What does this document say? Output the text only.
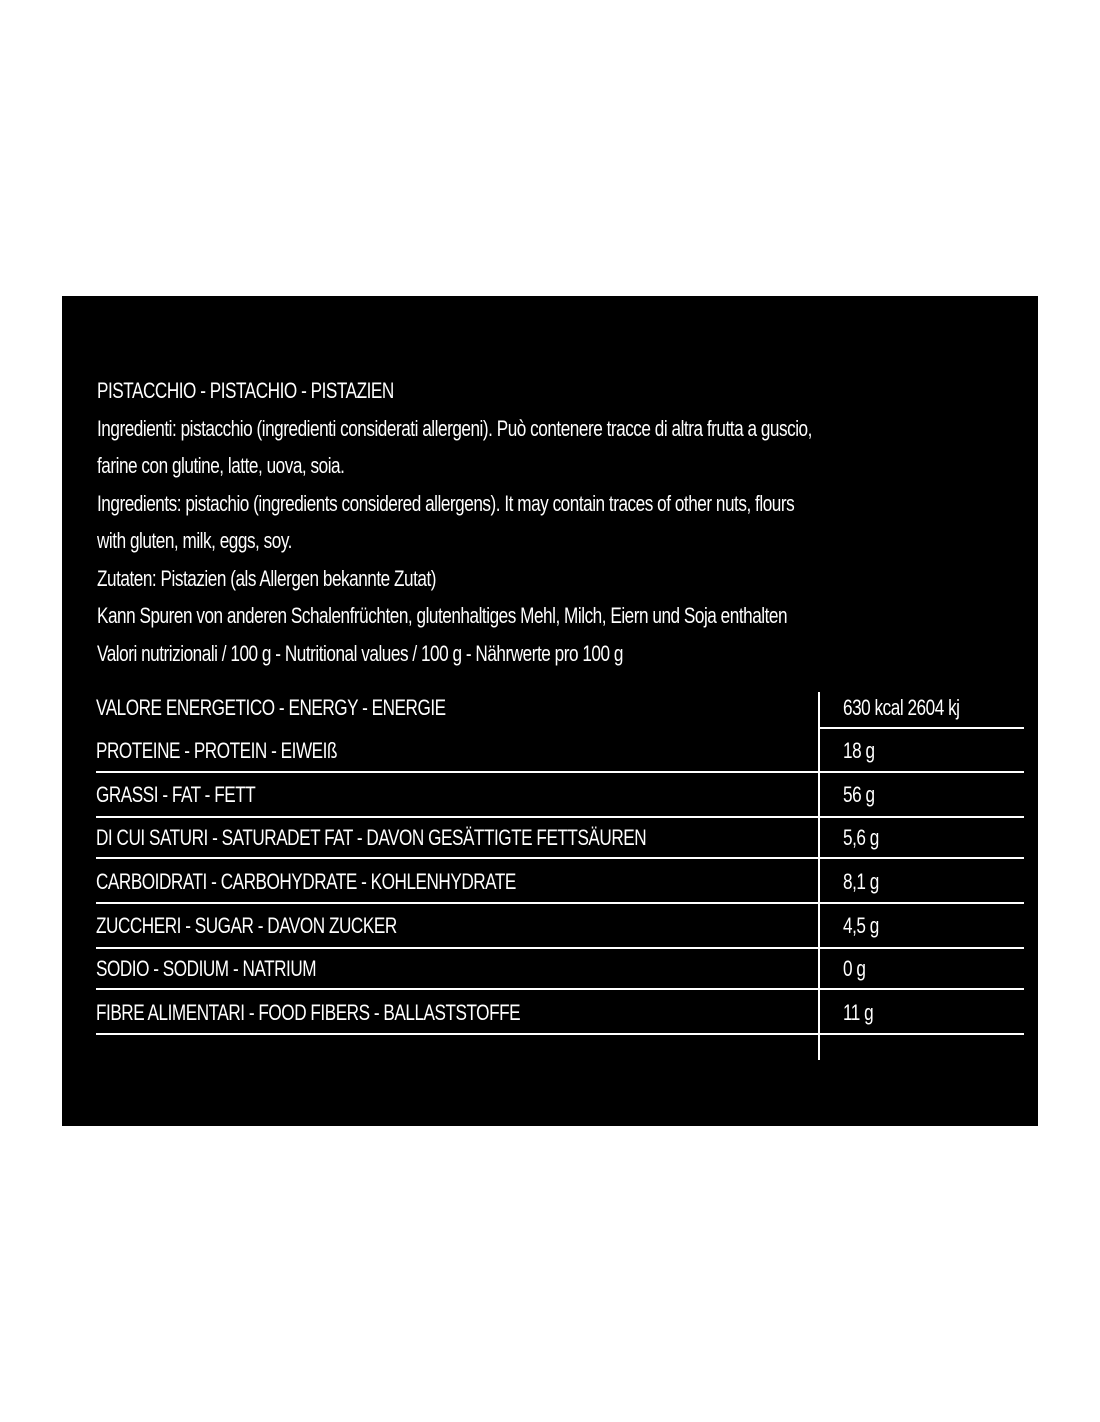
PISTACCHIO - PISTACHIO - PISTAZIEN
Ingredienti: pistacchio (ingredienti considerati allergeni). Può contenere tracce di altra frutta a guscio,
farine con glutine, latte, uova, soia.
Ingredients: pistachio (ingredients considered allergens). It may contain traces of other nuts, flours
with gluten, milk, eggs, soy.
Zutaten: Pistazien (als Allergen bekannte Zutat)
Kann Spuren von anderen Schalenfrüchten, glutenhaltiges Mehl, Milch, Eiern und Soja enthalten
Valori nutrizionali / 100 g - Nutritional values / 100 g - Nährwerte pro 100 g
VALORE ENERGETICO - ENERGY - ENERGIE	630 kcal 2604 kj
PROTEINE - PROTEIN - EIWEIß	18 g
GRASSI - FAT - FETT	56 g
DI CUI SATURI - SATURADET FAT - DAVON GESÄTTIGTE FETTSÄUREN	5,6 g
CARBOIDRATI - CARBOHYDRATE - KOHLENHYDRATE	8,1 g
ZUCCHERI - SUGAR - DAVON ZUCKER	4,5 g
SODIO - SODIUM - NATRIUM	0 g
FIBRE ALIMENTARI - FOOD FIBERS - BALLASTSTOFFE	11 g
